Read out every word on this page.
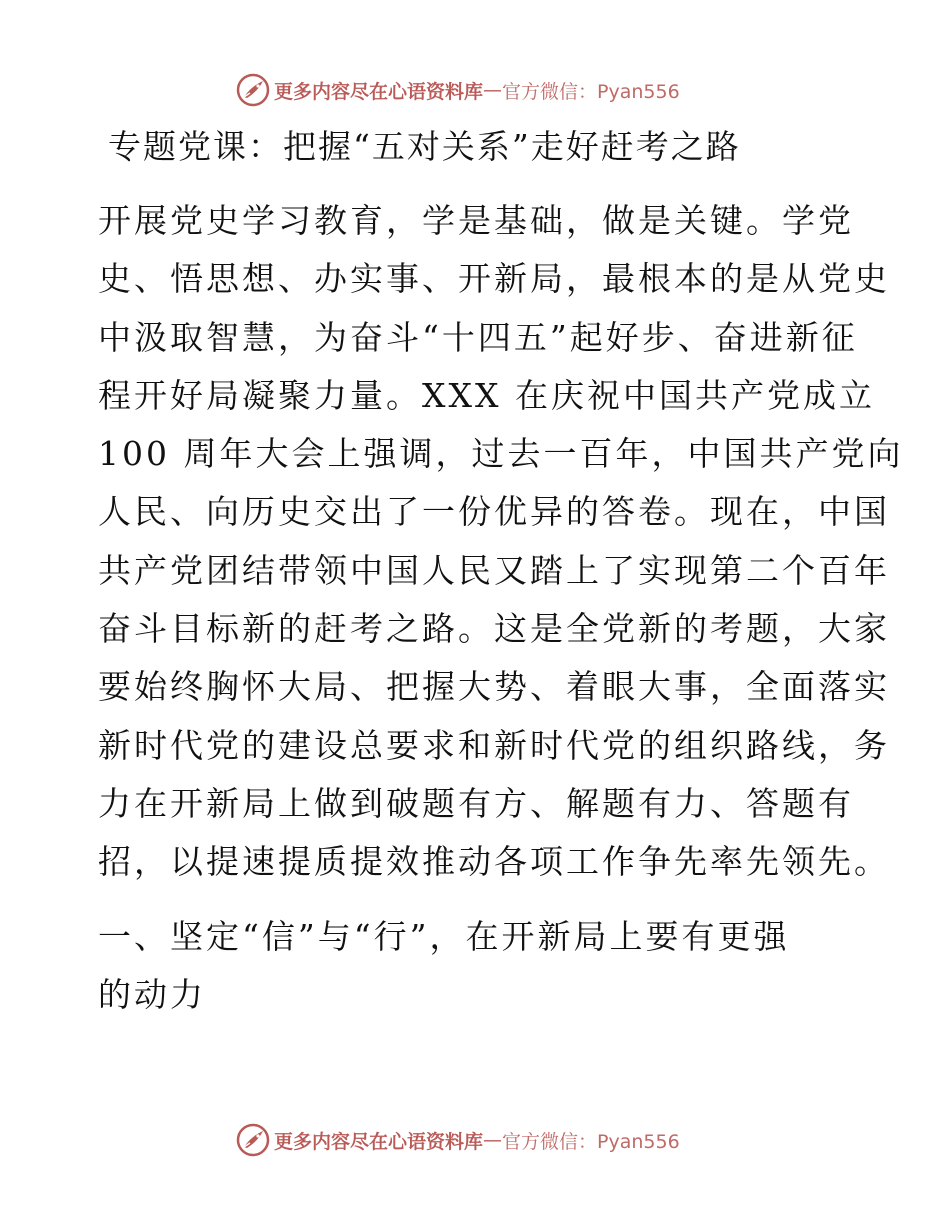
更多内容尽在心语资料库 — 官方微信：Pyan556
专题党课：把握“五对关系”走好赶考之路
开展党史学习教育，学是基础，做是关键。学党
史、悟思想、办实事、开新局，最根本的是从党史
中汲取智慧，为奋斗“十四五”起好步、奋进新征
程开好局凝聚力量。XXX 在庆祝中国共产党成立
100 周年大会上强调，过去一百年，中国共产党向
人民、向历史交出了一份优异的答卷。现在，中国
共产党团结带领中国人民又踏上了实现第二个百年
奋斗目标新的赶考之路。这是全党新的考题，大家
要始终胸怀大局、把握大势、着眼大事，全面落实
新时代党的建设总要求和新时代党的组织路线，务
力在开新局上做到破题有方、解题有力、答题有
招，以提速提质提效推动各项工作争先率先领先。
一、坚定“信”与“行”，在开新局上要有更强
的动力
更多内容尽在心语资料库 — 官方微信：Pyan556
